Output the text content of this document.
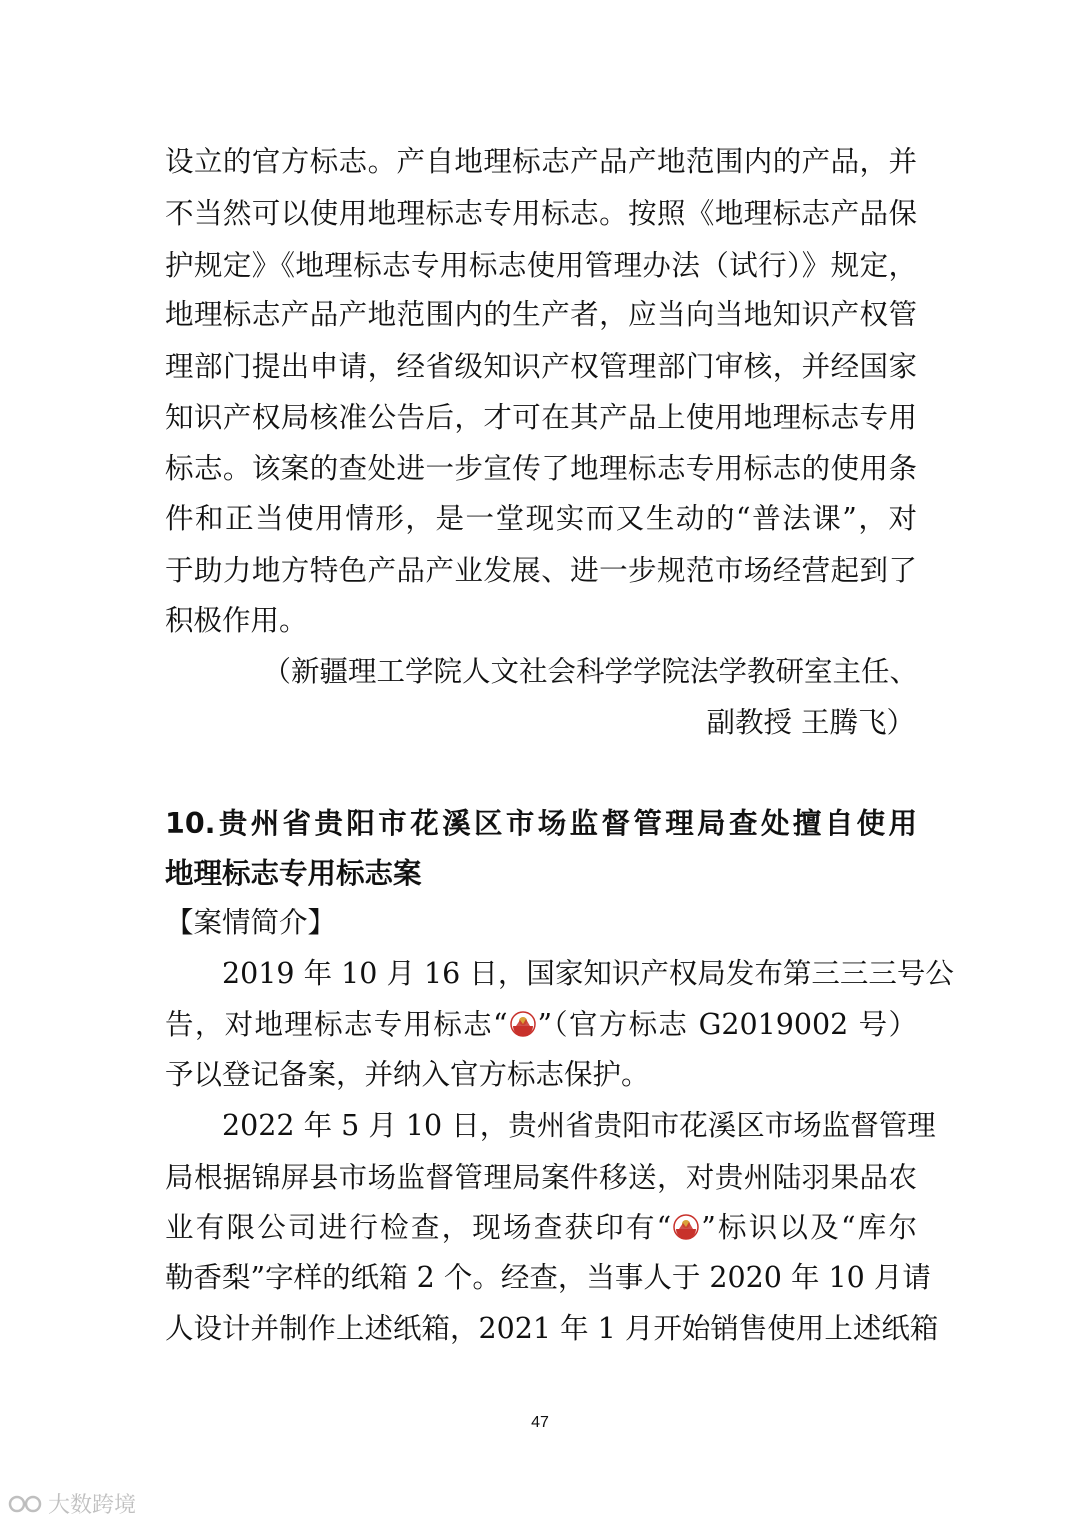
设立的官方标志。产自地理标志产品产地范围内的产品，并
不当然可以使用地理标志专用标志。按照《地理标志产品保
护规定》《地理标志专用标志使用管理办法（试行）》规定，
地理标志产品产地范围内的生产者，应当向当地知识产权管
理部门提出申请，经省级知识产权管理部门审核，并经国家
知识产权局核准公告后，才可在其产品上使用地理标志专用
标志。该案的查处进一步宣传了地理标志专用标志的使用条
件和正当使用情形，是一堂现实而又生动的“普法课”，对
于助力地方特色产品产业发展、进一步规范市场经营起到了
积极作用。
（新疆理工学院人文社会科学学院法学教研室主任、
副教授 王腾飞）
10.贵州省贵阳市花溪区市场监督管理局查处擅自使用
地理标志专用标志案
【案情简介】
2019 年 10 月 16 日，国家知识产权局发布第三三三号公
告，对地理标志专用标志“ ”（官方标志 G2019002 号）
予以登记备案，并纳入官方标志保护。
2022 年 5 月 10 日，贵州省贵阳市花溪区市场监督管理
局根据锦屏县市场监督管理局案件移送，对贵州陆羽果品农
业有限公司进行检查，现场查获印有“ ”标识以及“库尔
勒香梨”字样的纸箱 2 个。经查，当事人于 2020 年 10 月请
人设计并制作上述纸箱，2021 年 1 月开始销售使用上述纸箱
47
大数跨境
